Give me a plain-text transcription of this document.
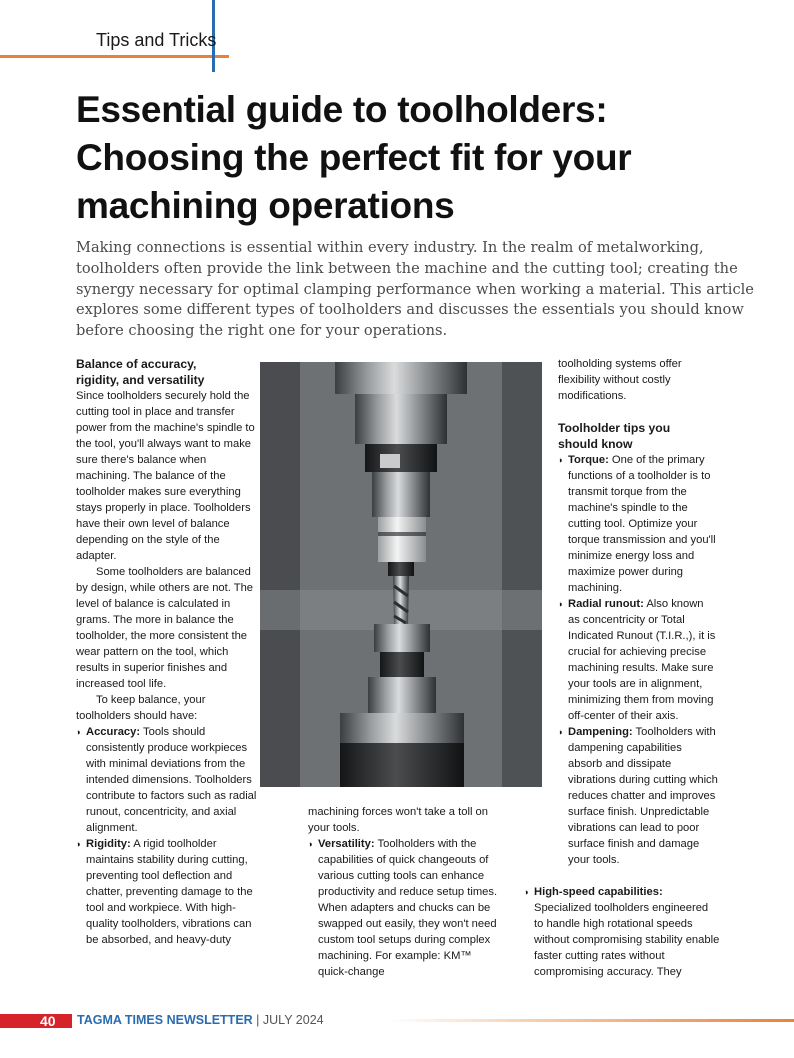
Tips and Tricks
Essential guide to toolholders:
Choosing the perfect fit for your
machining operations

Making connections is essential within every industry. In the realm of metalworking, toolholders often provide the link between the machine and the cutting tool; creating the synergy necessary for optimal clamping performance when working a material. This article explores some different types of toolholders and discusses the essentials you should know before choosing the right one for your operations.

Balance of accuracy,

rigidity, and versatility

Since toolholders securely hold the cutting tool in place and transfer power from the machine's spindle to the tool, you'll always want to make sure there's balance when machining. The balance of the toolholder makes sure everything stays properly in place. Toolholders have their own level of balance depending on the style of the adapter.

Some toolholders are balanced by design, while others are not. The level of balance is calculated in grams. The more in balance the toolholder, the more consistent the wear pattern on the tool, which results in superior finishes and increased tool life.

To keep balance, your toolholders should have:

◗ Accuracy: Tools should consistently produce workpieces with minimal deviations from the intended dimensions. Toolholders contribute to factors such as radial runout, concentricity, and axial alignment.
◗ Rigidity: A rigid toolholder maintains stability during cutting, preventing tool deflection and chatter, preventing damage to the tool and workpiece. With high-quality toolholders, vibrations can be absorbed, and heavy-duty

machining forces won't take a toll on your tools.

◗ Versatility: Toolholders with the capabilities of quick changeouts of various cutting tools can enhance productivity and reduce setup times. When adapters and chucks can be swapped out easily, they won't need custom tool setups during complex machining. For example: KM™ quick-change

toolholding systems offer flexibility without costly modifications.

Toolholder tips you

should know

◗ Torque: One of the primary functions of a toolholder is to transmit torque from the machine's spindle to the cutting tool. Optimize your torque transmission and you'll minimize energy loss and maximize power during machining.
◗ Radial runout: Also known as concentricity or Total Indicated Runout (T.I.R.,), it is crucial for achieving precise machining results. Make sure your tools are in alignment, minimizing them from moving off-center of their axis.
◗ Dampening: Toolholders with dampening capabilities absorb and dissipate vibrations during cutting which reduces chatter and improves surface finish. Unpredictable vibrations can lead to poor surface finish and damage your tools.
◗ High-speed capabilities: Specialized toolholders engineered to handle high rotational speeds without compromising stability enable faster cutting rates without compromising accuracy. They
40 TAGMA TIMES NEWSLETTER | JULY 2024
